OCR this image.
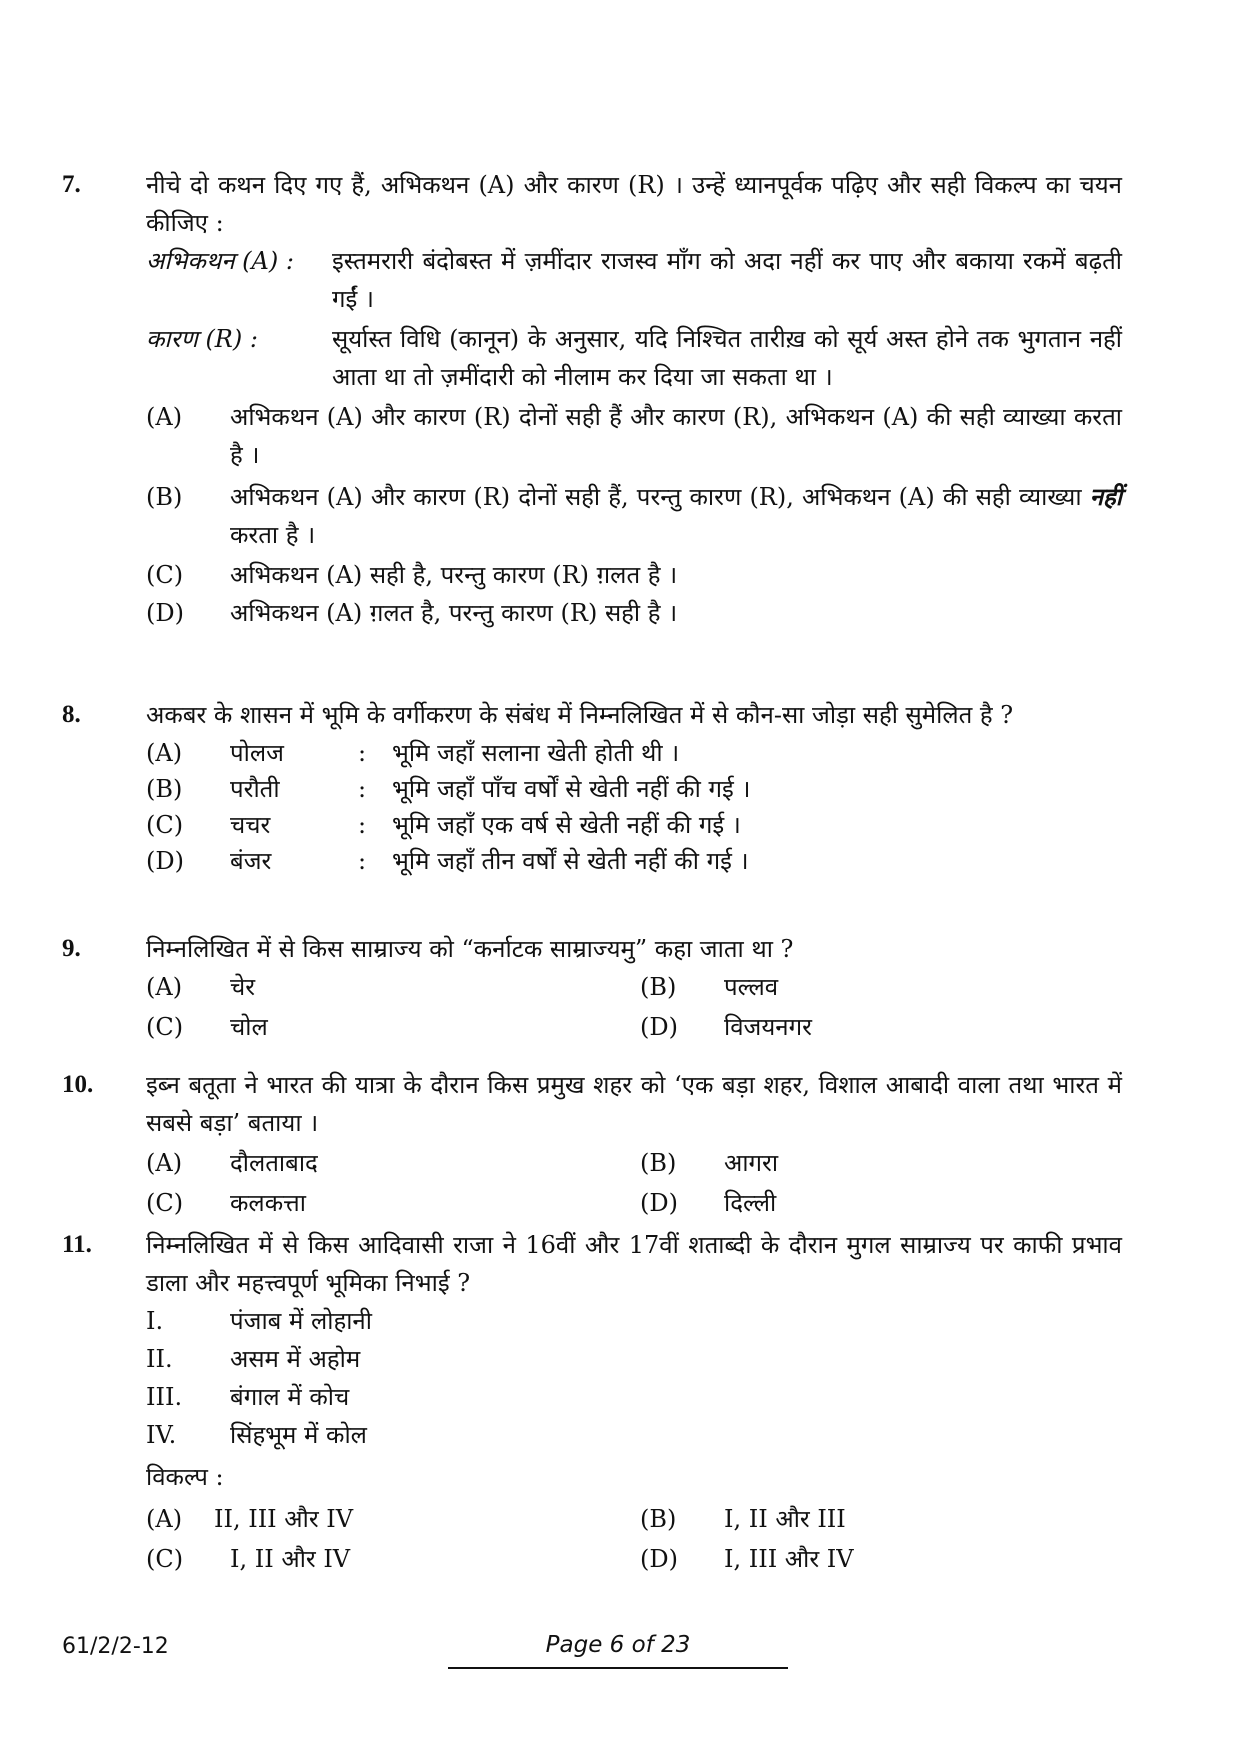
7.	नीचे दो कथन दिए गए हैं, अभिकथन (A) और कारण (R) । उन्हें ध्यानपूर्वक पढ़िए और सही विकल्प का चयन कीजिए :
अभिकथन (A) : इस्तमरारी बंदोबस्त में ज़मींदार राजस्व माँग को अदा नहीं कर पाए और बकाया रकमें बढ़ती गईं ।
कारण (R) :	सूर्यास्त विधि (कानून) के अनुसार, यदि निश्चित तारीख़ को सूर्य अस्त होने तक भुगतान नहीं आता था तो ज़मींदारी को नीलाम कर दिया जा सकता था ।
(A) अभिकथन (A) और कारण (R) दोनों सही हैं और कारण (R), अभिकथन (A) की सही व्याख्या करता है ।
(B) अभिकथन (A) और कारण (R) दोनों सही हैं, परन्तु कारण (R), अभिकथन (A) की सही व्याख्या नहीं करता है ।
(C) अभिकथन (A) सही है, परन्तु कारण (R) ग़लत है ।
(D) अभिकथन (A) ग़लत है, परन्तु कारण (R) सही है ।
8.	अकबर के शासन में भूमि के वर्गीकरण के संबंध में निम्नलिखित में से कौन-सा जोड़ा सही सुमेलित है ?
(A) पोलज	: भूमि जहाँ सलाना खेती होती थी ।
(B) परौती	: भूमि जहाँ पाँच वर्षों से खेती नहीं की गई ।
(C) चचर	: भूमि जहाँ एक वर्ष से खेती नहीं की गई ।
(D) बंजर	: भूमि जहाँ तीन वर्षों से खेती नहीं की गई ।
9.	निम्नलिखित में से किस साम्राज्य को “कर्नाटक साम्राज्यमु” कहा जाता था ?
(A) चेर	(B) पल्लव
(C) चोल	(D) विजयनगर
10. इब्न बतूता ने भारत की यात्रा के दौरान किस प्रमुख शहर को ‘एक बड़ा शहर, विशाल आबादी वाला तथा भारत में सबसे बड़ा’ बताया ।
(A) दौलताबाद	(B) आगरा
(C) कलकत्ता	(D) दिल्ली
11. निम्नलिखित में से किस आदिवासी राजा ने 16वीं और 17वीं शताब्दी के दौरान मुगल साम्राज्य पर काफी प्रभाव डाला और महत्त्वपूर्ण भूमिका निभाई ?
I.	पंजाब में लोहानी
II. असम में अहोम
III. बंगाल में कोच
IV. सिंहभूम में कोल
विकल्प :
(A) II, III और IV	(B) I, II और III
(C) I, II और IV	(D) I, III और IV
61/2/2-12	Page 6 of 23
